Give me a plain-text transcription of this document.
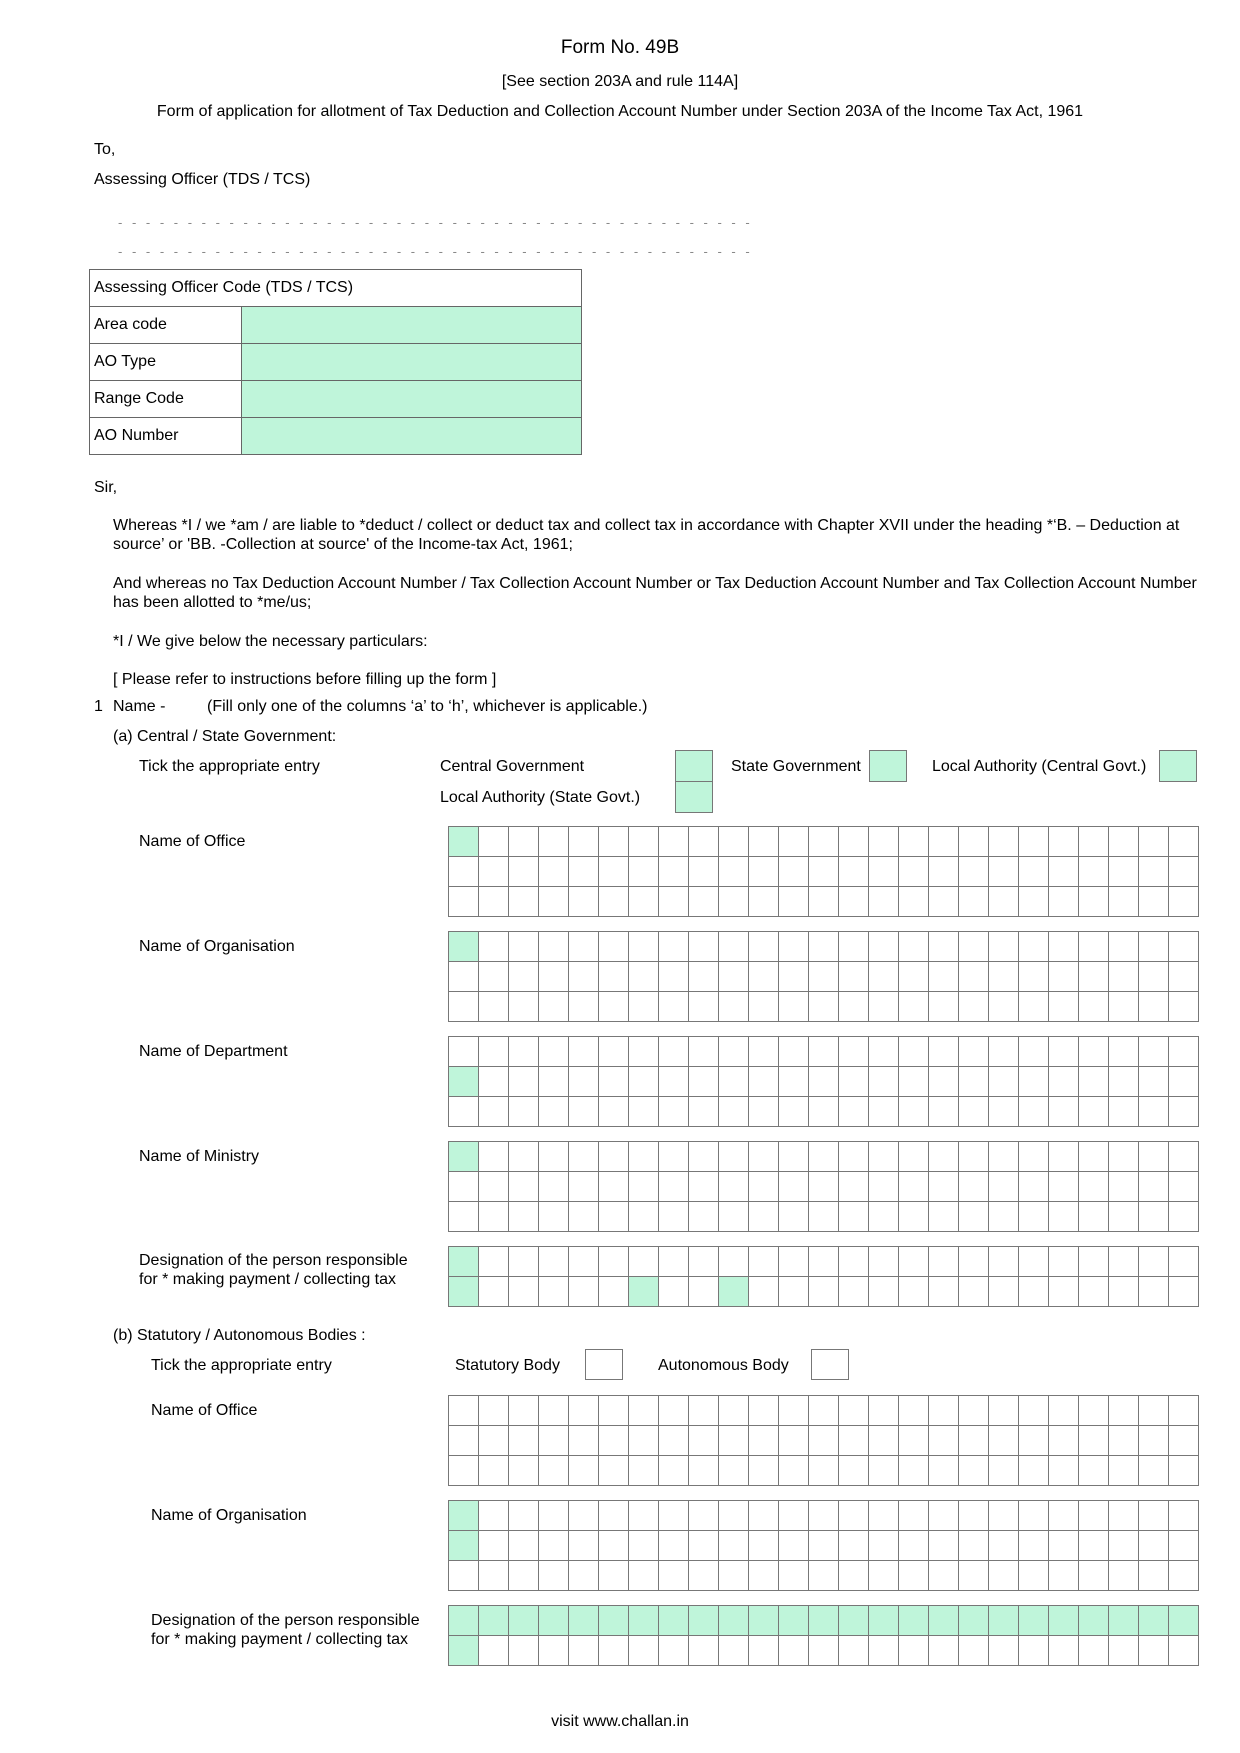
Form No. 49B
[See section 203A and rule 114A]
Form of application for allotment of Tax Deduction and Collection Account Number under Section 203A of the Income Tax Act, 1961
To,
Assessing Officer (TDS / TCS)
- - - - - - - - - - - - - - - - - - - - - - - - - - - - - - - - - - - - - - - - - - - - - -
- - - - - - - - - - - - - - - - - - - - - - - - - - - - - - - - - - - - - - - - - - - - - -
Assessing Officer Code (TDS / TCS)	
Area code	
AO Type	
Range Code	
AO Number	
Sir,
Whereas *I / we *am / are liable to *deduct / collect or deduct tax and collect tax in accordance with Chapter XVII under the heading *‘B. – Deduction at source’ or 'BB. -Collection at source' of the Income-tax Act, 1961;
And whereas no Tax Deduction Account Number / Tax Collection Account Number or Tax Deduction Account Number and Tax Collection Account Number has been allotted to *me/us;
*I / We give below the necessary particulars:
[ Please refer to instructions before filling up the form ]
1 Name -	(Fill only one of the columns ‘a’ to ‘h’, whichever is applicable.)
(a) Central / State Government:
Tick the appropriate entry	Central Government	State Government	Local Authority (Central Govt.)
Local Authority (State Govt.)
Name of Office
Name of Organisation
Name of Department
Name of Ministry
Designation of the person responsible
for * making payment / collecting tax
(b) Statutory / Autonomous Bodies :
Tick the appropriate entry	Statutory Body	Autonomous Body
Name of Office
Name of Organisation
Designation of the person responsible
for * making payment / collecting tax
visit www.challan.in
